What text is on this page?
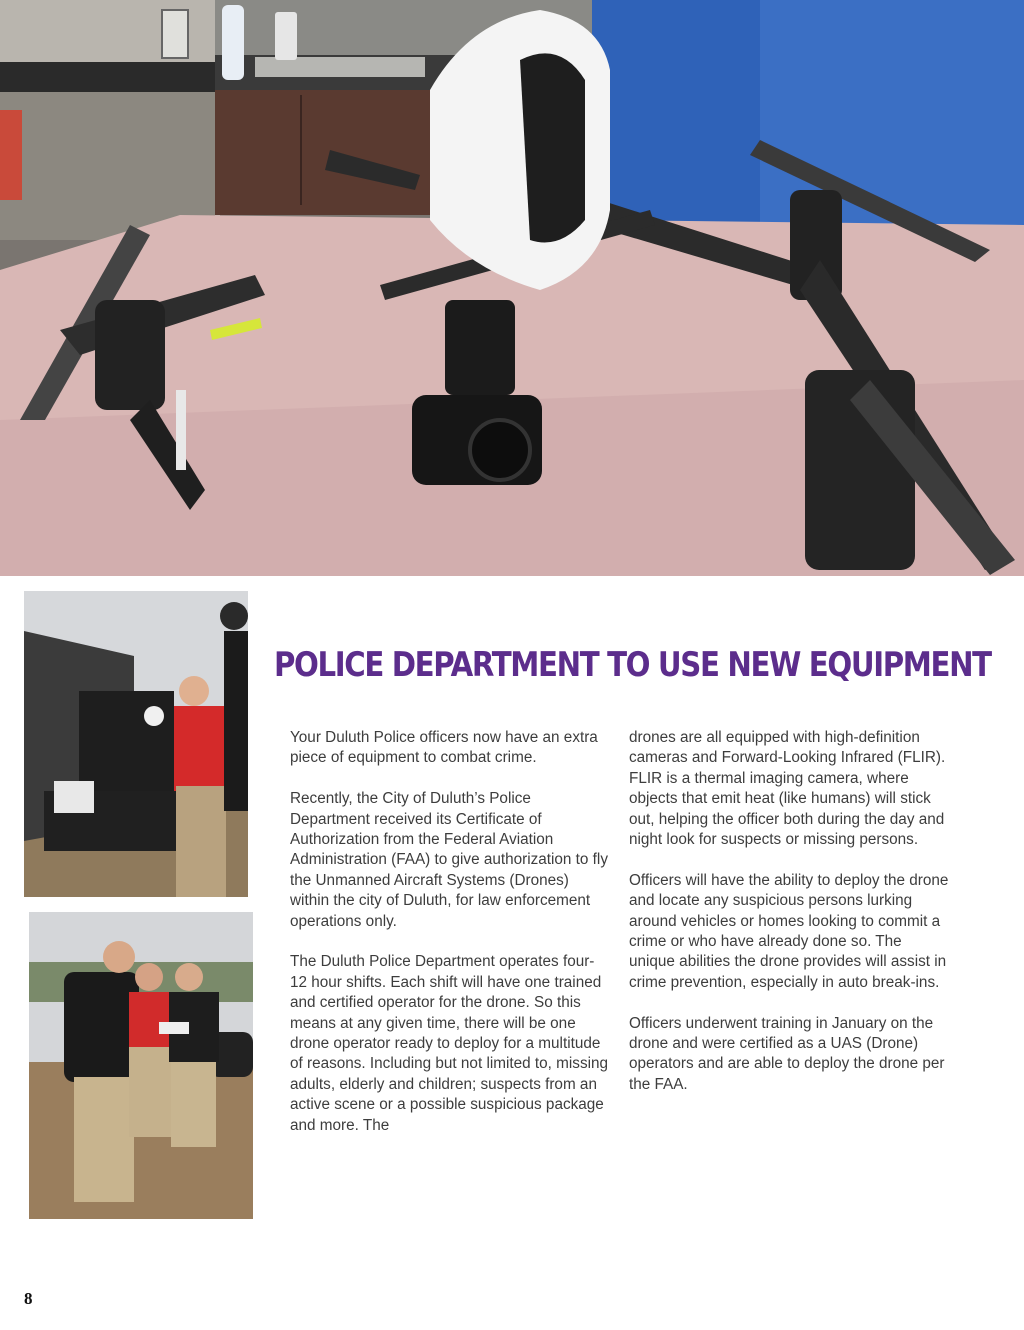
POLICE DEPARTMENT TO USE NEW EQUIPMENT

Your Duluth Police officers now have an extra piece of equipment to combat crime.

Recently, the City of Duluth’s Police Department received its Certificate of Authorization from the Federal Aviation Administration (FAA) to give authorization to fly the Unmanned Aircraft Systems (Drones) within the city of Duluth, for law enforcement operations only.

The Duluth Police Department operates four-12 hour shifts. Each shift will have one trained and certified operator for the drone. So this means at any given time, there will be one drone operator ready to deploy for a multitude of reasons. Including but not limited to, missing adults, elderly and children; suspects from an active scene or a possible suspicious package and more. The

drones are all equipped with high-definition cameras and Forward-Looking Infrared (FLIR). FLIR is a thermal imaging camera, where objects that emit heat (like humans) will stick out, helping the officer both during the day and night look for suspects or missing persons.

Officers will have the ability to deploy the drone and locate any suspicious persons lurking around vehicles or homes looking to commit a crime or who have already done so. The unique abilities the drone provides will assist in crime prevention, especially in auto break-ins.

Officers underwent training in January on the drone and were certified as a UAS (Drone) operators and are able to deploy the drone per the FAA.

8
